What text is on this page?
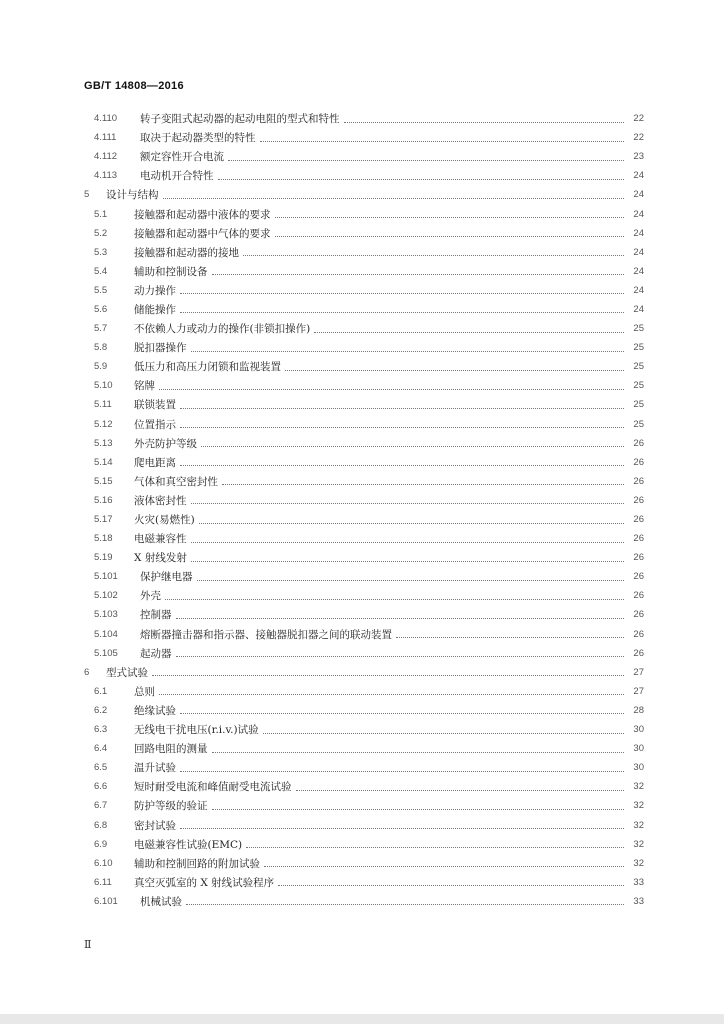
GB/T 14808—2016
4.110	转子变阻式起动器的起动电阻的型式和特性	22
4.111	取决于起动器类型的特性	22
4.112	额定容性开合电流	23
4.113	电动机开合特性	24
5	设计与结构	24
5.1	接触器和起动器中液体的要求	24
5.2	接触器和起动器中气体的要求	24
5.3	接触器和起动器的接地	24
5.4	辅助和控制设备	24
5.5	动力操作	24
5.6	储能操作	24
5.7	不依赖人力或动力的操作(非锁扣操作)	25
5.8	脱扣器操作	25
5.9	低压力和高压力闭锁和监视装置	25
5.10	铭牌	25
5.11	联锁装置	25
5.12	位置指示	25
5.13	外壳防护等级	26
5.14	爬电距离	26
5.15	气体和真空密封性	26
5.16	液体密封性	26
5.17	火灾(易燃性)	26
5.18	电磁兼容性	26
5.19	X 射线发射	26
5.101	保护继电器	26
5.102	外壳	26
5.103	控制器	26
5.104	熔断器撞击器和指示器、接触器脱扣器之间的联动装置	26
5.105	起动器	26
6	型式试验	27
6.1	总则	27
6.2	绝缘试验	28
6.3	无线电干扰电压(r.i.v.)试验	30
6.4	回路电阻的测量	30
6.5	温升试验	30
6.6	短时耐受电流和峰值耐受电流试验	32
6.7	防护等级的验证	32
6.8	密封试验	32
6.9	电磁兼容性试验(EMC)	32
6.10	辅助和控制回路的附加试验	32
6.11	真空灭弧室的 X 射线试验程序	33
6.101	机械试验	33
Ⅱ
